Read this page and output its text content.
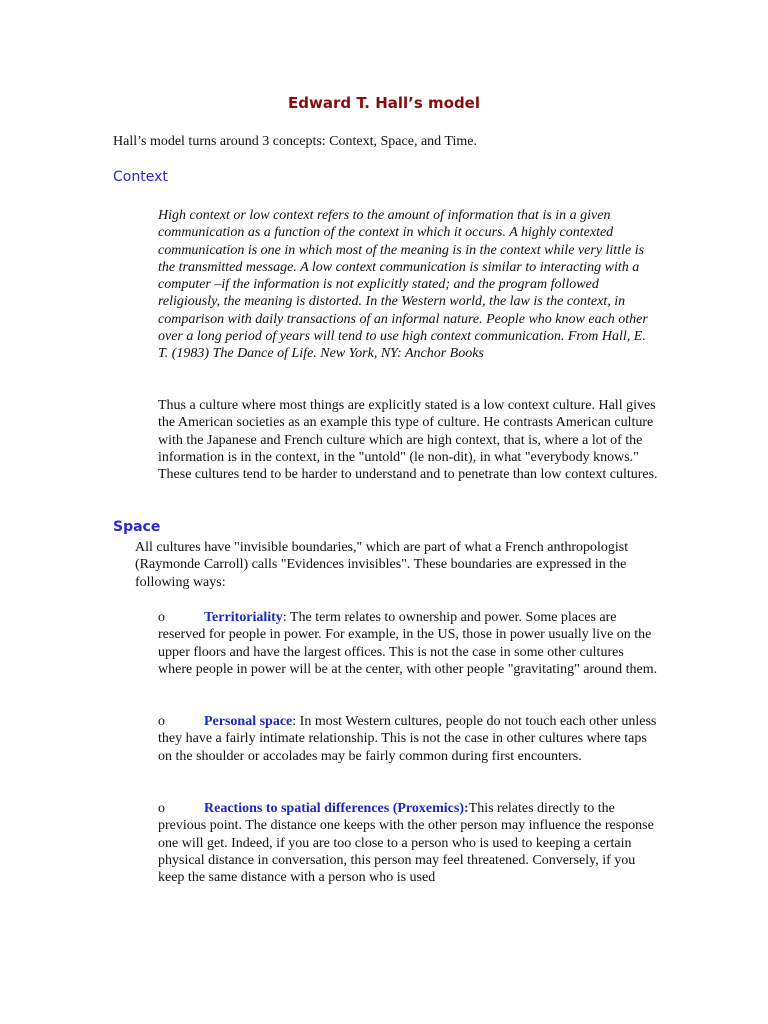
Edward T. Hall’s model

Hall’s model turns around 3 concepts: Context, Space, and Time.

Context

High context or low context refers to the amount of information that is in a given communication as a function of the context in which it occurs. A highly contexted communication is one in which most of the meaning is in the context while very little is the transmitted message. A low context communication is similar to interacting with a computer –if the information is not explicitly stated; and the program followed religiously, the meaning is distorted. In the Western world, the law is the context, in comparison with daily transactions of an informal nature. People who know each other over a long period of years will tend to use high context communication. From Hall, E. T. (1983) The Dance of Life. New York, NY: Anchor Books

Thus a culture where most things are explicitly stated is a low context culture. Hall gives the American societies as an example this type of culture. He contrasts American culture with the Japanese and French culture which are high context, that is, where a lot of the information is in the context, in the "untold" (le non-dit), in what "everybody knows." These cultures tend to be harder to understand and to penetrate than low context cultures.

Space

All cultures have "invisible boundaries," which are part of what a French anthropologist (Raymonde Carroll) calls "Evidences invisibles". These boundaries are expressed in the following ways:

o	Territoriality: The term relates to ownership and power. Some places are reserved for people in power. For example, in the US, those in power usually live on the upper floors and have the largest offices. This is not the case in some other cultures where people in power will be at the center, with other people "gravitating" around them.

o	Personal space: In most Western cultures, people do not touch each other unless they have a fairly intimate relationship. This is not the case in other cultures where taps on the shoulder or accolades may be fairly common during first encounters.

o	Reactions to spatial differences (Proxemics):This relates directly to the previous point. The distance one keeps with the other person may influence the response one will get. Indeed, if you are too close to a person who is used to keeping a certain physical distance in conversation, this person may feel threatened. Conversely, if you keep the same distance with a person who is used
